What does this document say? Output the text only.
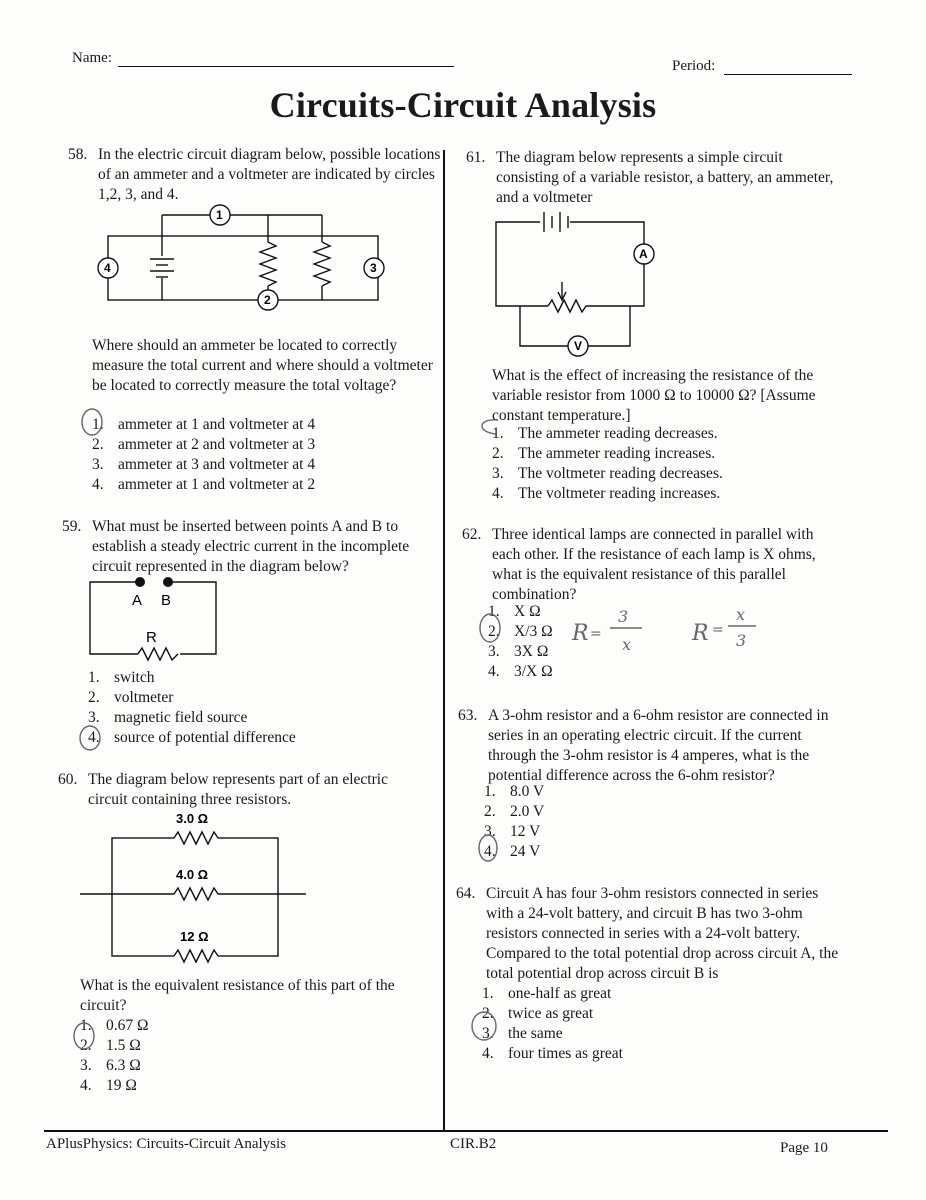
Name:	Period:
Circuits-Circuit Analysis
58. In the electric circuit diagram below, possible locations of an ammeter and a voltmeter are indicated by circles 1,2, 3, and 4.
1
2
3
4
Where should an ammeter be located to correctly measure the total current and where should a voltmeter be located to correctly measure the total voltage?
1. ammeter at 1 and voltmeter at 4
2. ammeter at 2 and voltmeter at 3
3. ammeter at 3 and voltmeter at 4
4. ammeter at 1 and voltmeter at 2
59. What must be inserted between points A and B to establish a steady electric current in the incomplete circuit represented in the diagram below?
A B
R
1. switch
2. voltmeter
3. magnetic field source
4. source of potential difference
60. The diagram below represents part of an electric circuit containing three resistors.
3.0 Ω
4.0 Ω
12 Ω
What is the equivalent resistance of this part of the circuit?
1. 0.67 Ω
2. 1.5 Ω
3. 6.3 Ω
4. 19 Ω
61. The diagram below represents a simple circuit consisting of a variable resistor, a battery, an ammeter, and a voltmeter
A
V
What is the effect of increasing the resistance of the variable resistor from 1000 Ω to 10000 Ω? [Assume constant temperature.]
1. The ammeter reading decreases.
2. The ammeter reading increases.
3. The voltmeter reading decreases.
4. The voltmeter reading increases.
62. Three identical lamps are connected in parallel with each other. If the resistance of each lamp is X ohms, what is the equivalent resistance of this parallel combination?
1. X Ω
2. X/3 Ω
3. 3X Ω
4. 3/X Ω
63. A 3-ohm resistor and a 6-ohm resistor are connected in series in an operating electric circuit. If the current through the 3-ohm resistor is 4 amperes, what is the potential difference across the 6-ohm resistor?
1. 8.0 V
2. 2.0 V
3. 12 V
4. 24 V
64. Circuit A has four 3-ohm resistors connected in series with a 24-volt battery, and circuit B has two 3-ohm resistors connected in series with a 24-volt battery. Compared to the total potential drop across circuit A, the total potential drop across circuit B is
1. one-half as great
2. twice as great
3. the same
4. four times as great
R =
3
x	R =
x
3
APlusPhysics: Circuits-Circuit Analysis	CIR.B2	Page 10
